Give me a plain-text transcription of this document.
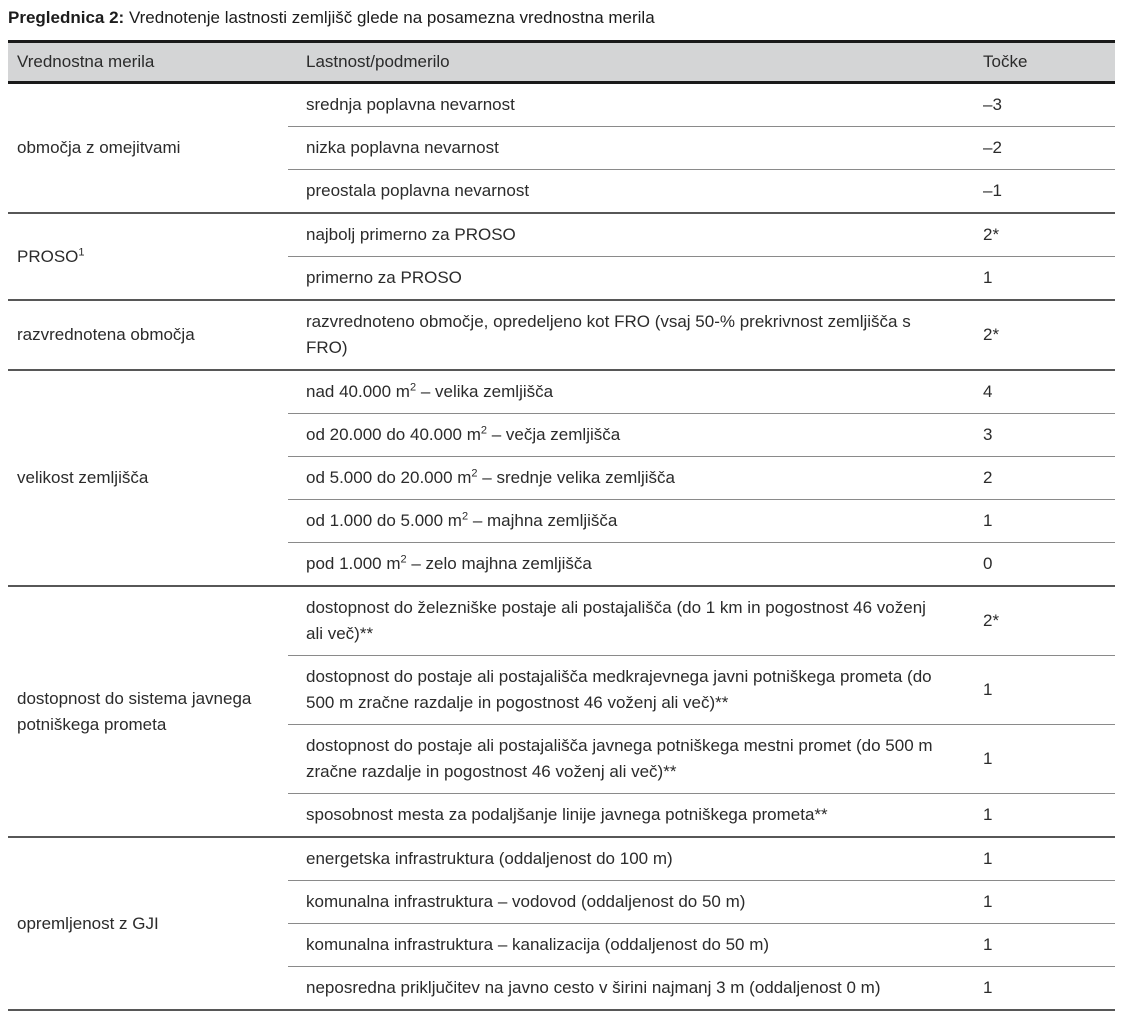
Preglednica 2: Vrednotenje lastnosti zemljišč glede na posamezna vrednostna merila

Vrednostna merila	Lastnost/podmerilo	Točke
območja z omejitvami	srednja poplavna nevarnost	–3
	nizka poplavna nevarnost	–2
	preostala poplavna nevarnost	–1
PROSO$^1$	najbolj primerno za PROSO	2*
	primerno za PROSO	1
razvrednotena območja	razvrednoteno območje, opredeljeno kot FRO (vsaj 50-% prekrivnost zemljišča s FRO)	2*
velikost zemljišča	nad 40.000 $m^2$ – velika zemljišča	4
	od 20.000 do 40.000 $m^2$ – večja zemljišča	3
	od 5.000 do 20.000 $m^2$ – srednje velika zemljišča	2
	od 1.000 do 5.000 $m^2$ – majhna zemljišča	1
	pod 1.000 $m^2$ – zelo majhna zemljišča	0
dostopnost do sistema javnega potniškega prometa	dostopnost do železniške postaje ali postajališča (do 1 km in pogostnost 46 voženj ali več)**	2*
	dostopnost do postaje ali postajališča medkrajevnega javni potniškega prometa (do 500 m zračne razdalje in pogostnost 46 voženj ali več)**	1
	dostopnost do postaje ali postajališča javnega potniškega mestni promet (do 500 m zračne razdalje in pogostnost 46 voženj ali več)**	1
	sposobnost mesta za podaljšanje linije javnega potniškega prometa**	1
opremljenost z GJI	energetska infrastruktura (oddaljenost do 100 m)	1
	komunalna infrastruktura – vodovod (oddaljenost do 50 m)	1
	komunalna infrastruktura – kanalizacija (oddaljenost do 50 m)	1
	neposredna priključitev na javno cesto v širini najmanj 3 m (oddaljenost 0 m)	1
